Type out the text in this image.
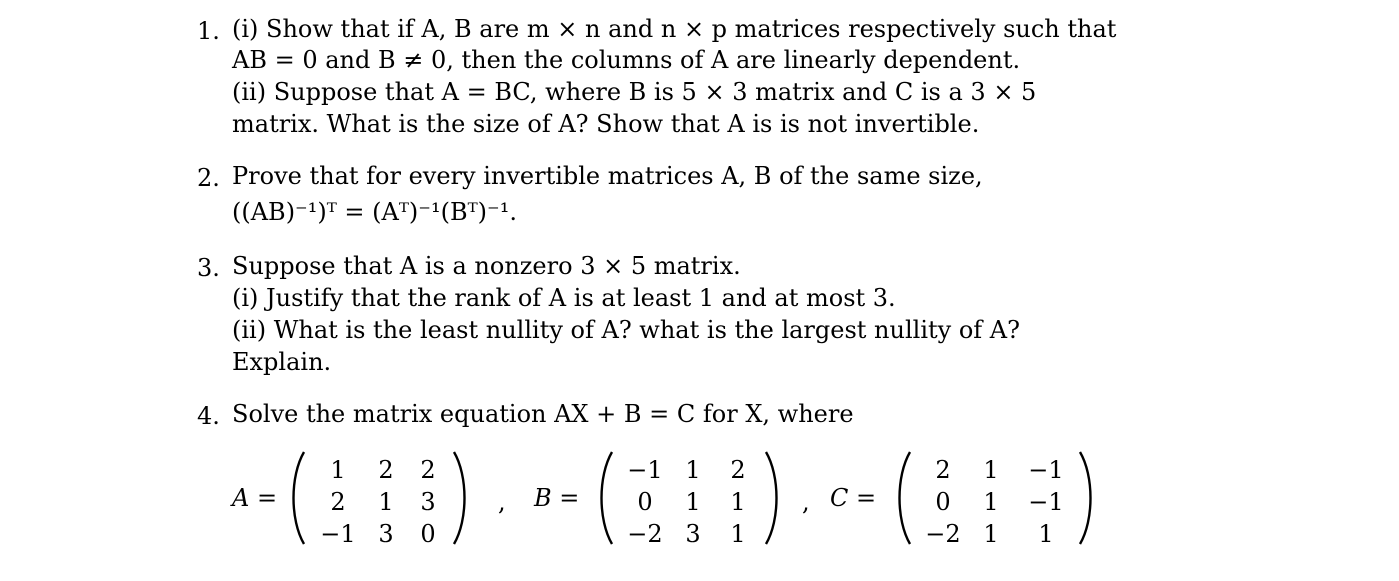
1. (i) Show that if A, B are m × n and n × p matrices respectively such that
AB = 0 and B ≠ 0, then the columns of A are linearly dependent.
(ii) Suppose that A = BC, where B is 5 × 3 matrix and C is a 3 × 5
matrix. What is the size of A? Show that A is is not invertible.
2. Prove that for every invertible matrices A, B of the same size,
((AB)⁻¹)ᵀ = (Aᵀ)⁻¹(Bᵀ)⁻¹.
3. Suppose that A is a nonzero 3 × 5 matrix.
(i) Justify that the rank of A is at least 1 and at most 3.
(ii) What is the least nullity of A? what is the largest nullity of A?
Explain.
4. Solve the matrix equation AX + B = C for X, where
A =
1	2	2
2	1	3
−1 3	0
, B =
−1 1	2
0	1	1
−2 3	1
, C =
2	1	−1
0	1	−1
−2 1	1
